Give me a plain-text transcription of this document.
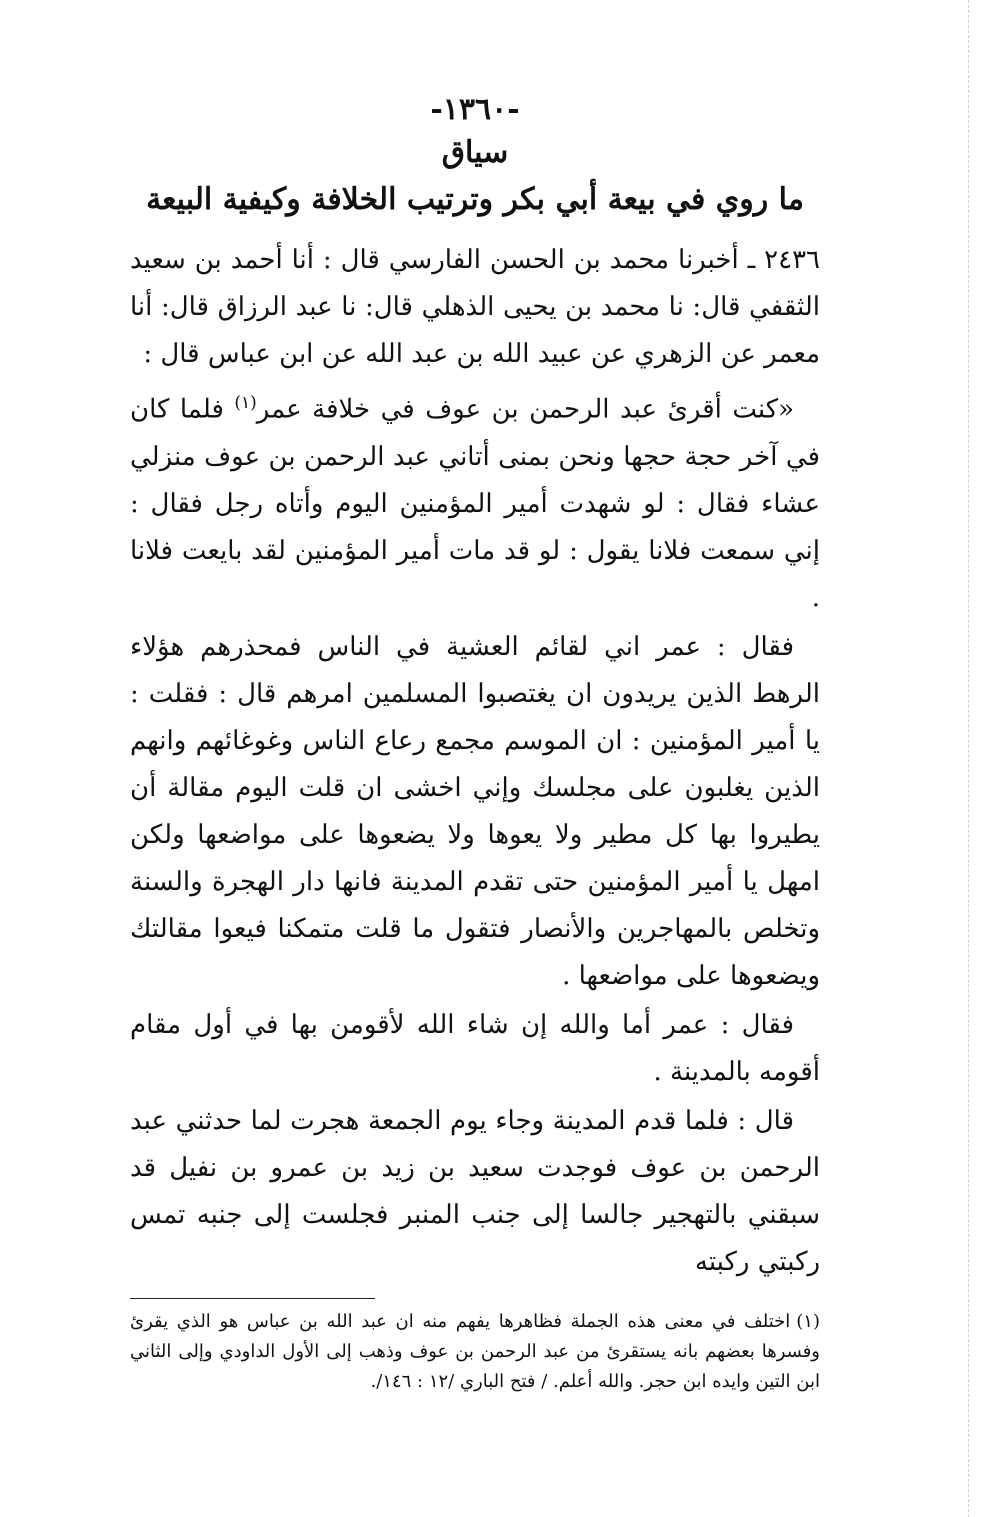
-١٣٦٠-
سياق
ما روي في بيعة أبي بكر وترتيب الخلافة وكيفية البيعة

٢٤٣٦ ـ أخبرنا محمد بن الحسن الفارسي قال : أنا أحمد بن سعيد الثقفي قال: نا محمد بن يحيى الذهلي قال: نا عبد الرزاق قال: أنا معمر عن الزهري عن عبيد الله بن عبد الله عن ابن عباس قال :

«كنت أقرئ عبد الرحمن بن عوف في خلافة عمر$^{(١)}$ فلما كان في آخر حجة حجها ونحن بمنى أتاني عبد الرحمن بن عوف منزلي عشاء فقال : لو شهدت أمير المؤمنين اليوم وأتاه رجل فقال : إني سمعت فلانا يقول : لو قد مات أمير المؤمنين لقد بايعت فلانا .

فقال : عمر اني لقائم العشية في الناس فمحذرهم هؤلاء الرهط الذين يريدون ان يغتصبوا المسلمين امرهم قال : فقلت : يا أمير المؤمنين : ان الموسم مجمع رعاع الناس وغوغائهم وانهم الذين يغلبون على مجلسك وإني اخشى ان قلت اليوم مقالة أن يطيروا بها كل مطير ولا يعوها ولا يضعوها على مواضعها ولكن امهل يا أمير المؤمنين حتى تقدم المدينة فانها دار الهجرة والسنة وتخلص بالمهاجرين والأنصار فتقول ما قلت متمكنا فيعوا مقالتك ويضعوها على مواضعها .

فقال : عمر أما والله إن شاء الله لأقومن بها في أول مقام أقومه بالمدينة .

قال : فلما قدم المدينة وجاء يوم الجمعة هجرت لما حدثني عبد الرحمن بن عوف فوجدت سعيد بن زيد بن عمرو بن نفيل قد سبقني بالتهجير جالسا إلى جنب المنبر فجلست إلى جنبه تمس ركبتي ركبته

(١)اختلف في معنى هذه الجملة فظاهرها يفهم منه ان عبد الله بن عباس هو الذي يقرئ وفسرها بعضهم بانه يستقرئ من عبد الرحمن بن عوف وذهب إلى الأول الداودي وإلى الثاني ابن التين وايده ابن حجر. والله أعلم. / فتح الباري /١٢ : ١٤٦/.
